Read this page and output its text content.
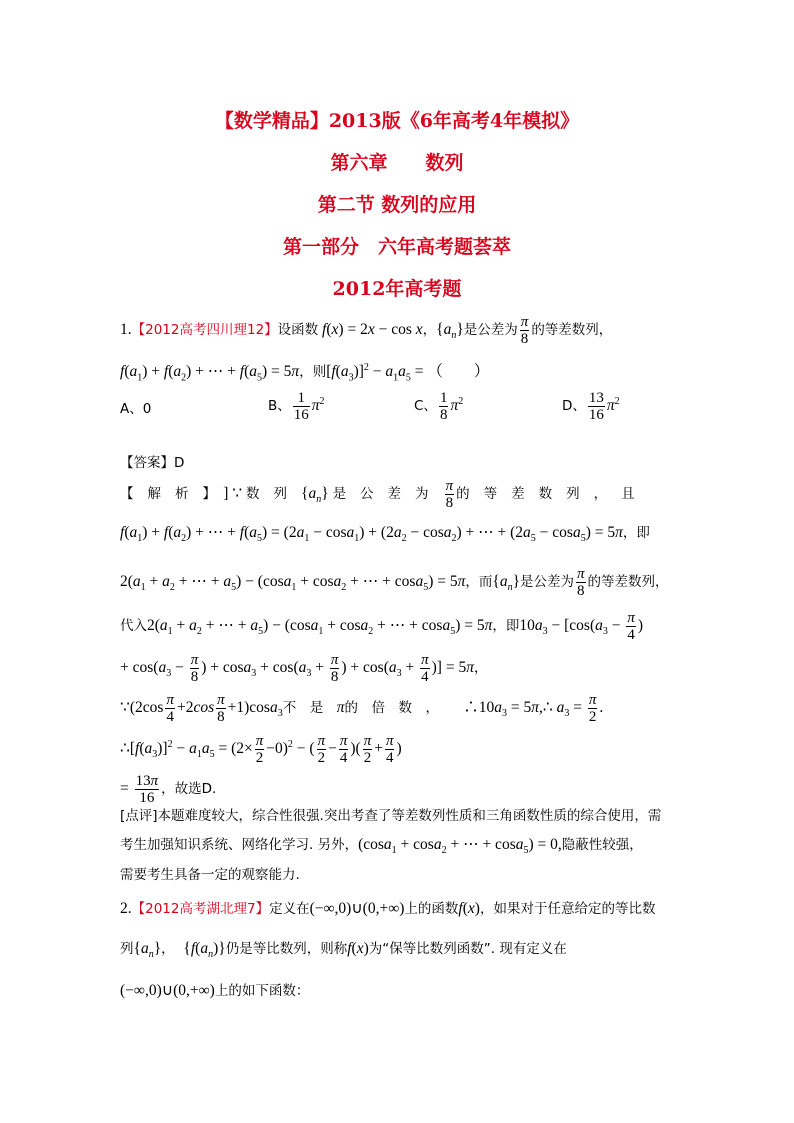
【数学精品】2013版《6年高考4年模拟》
第六章　　数列
第二节 数列的应用
第一部分　六年高考题荟萃
2012年高考题
1.【2012高考四川理12】设函数 f(x) = 2x − cos x，$\{a_n\}$是公差为 $\frac{\pi}{8}$ 的等差数列，
$f(a_1) + f(a_2)$ + ⋯ + $f(a_5) = 5\pi$，则$[f(a_3)]^2 - a_1a_5$ = （　　）
A、0	B、 $\frac{1}{16} \pi^2$	C、 $\frac{1}{8} \pi^2$	D、 $\frac{13}{16} \pi^2$
【答案】D
【解析】] ∵ 数列$\{a_n\}$ 是公差为 $\frac{\pi}{8}$ 的等差数列，且
$f(a_1) + f(a_2)$ + ⋯ + $f(a_5) = (2a_1 - \cos a_1) + (2a_2 - \cos a_2)$ + ⋯ + $(2a_5 - \cos a_5) = 5\pi$，即
$2(a_1 + a_2$ + ⋯ + $a_5) - (\cos a_1 + \cos a_2$ + ⋯ + cosa$_5$) = 5π，而$\{a_n\}$是公差为 $\frac{\pi}{8}$ 的等差数列，
代入$2(a_1 + a_2$ + ⋯ + $a_5) - (\cos a_1 + \cos a_2$ + ⋯ + cosa$_5$) = 5π，即$10a_3 - [\cos(a_3 - \frac{\pi}{4}$ )
+ $\cos(a_3 - \frac{\pi}{8}$ ) + $\cos a_3 + \cos(a_3 + \frac{\pi}{8}$ ) + $\cos(a_3 + \frac{\pi}{4}$ )] = 5π，
∵(2cos $\frac{\pi}{4} +2\cos \frac{\pi}{8} +1)\cos a_3$不　是　π的　倍　数　，　　$\therefore 10a_3$ = 5π,∴ $a_3 = \frac{\pi}{2}$ .
$\therefore[f(a_3)]^2 - a_1a_5 = (2\times \frac{\pi}{2} -0)^2$ − ( $\frac{\pi}{2} - \frac{\pi}{4}$ )( $\frac{\pi}{2} + \frac{\pi}{4}$ )
= $\frac{13\pi}{16}$ ，故选D.
[点评]本题难度较大，综合性很强.突出考查了等差数列性质和三角函数性质的综合使用，需
考生加强知识系统、网络化学习. 另外，(cosa$_1$ + cosa$_2$ + ⋯ + cosa$_5$) = 0,隐蔽性较强，
需要考生具备一定的观察能力.
2.【2012高考湖北理7】定义在(−∞,0)∪(0,+∞)上的函数f(x)，如果对于任意给定的等比数
列$\{a_n\}$，　$\{f(a_n)\}$仍是等比数列，则称f(x)为“保等比数列函数”. 现有定义在
(−∞,0)∪(0,+∞)上的如下函数：
